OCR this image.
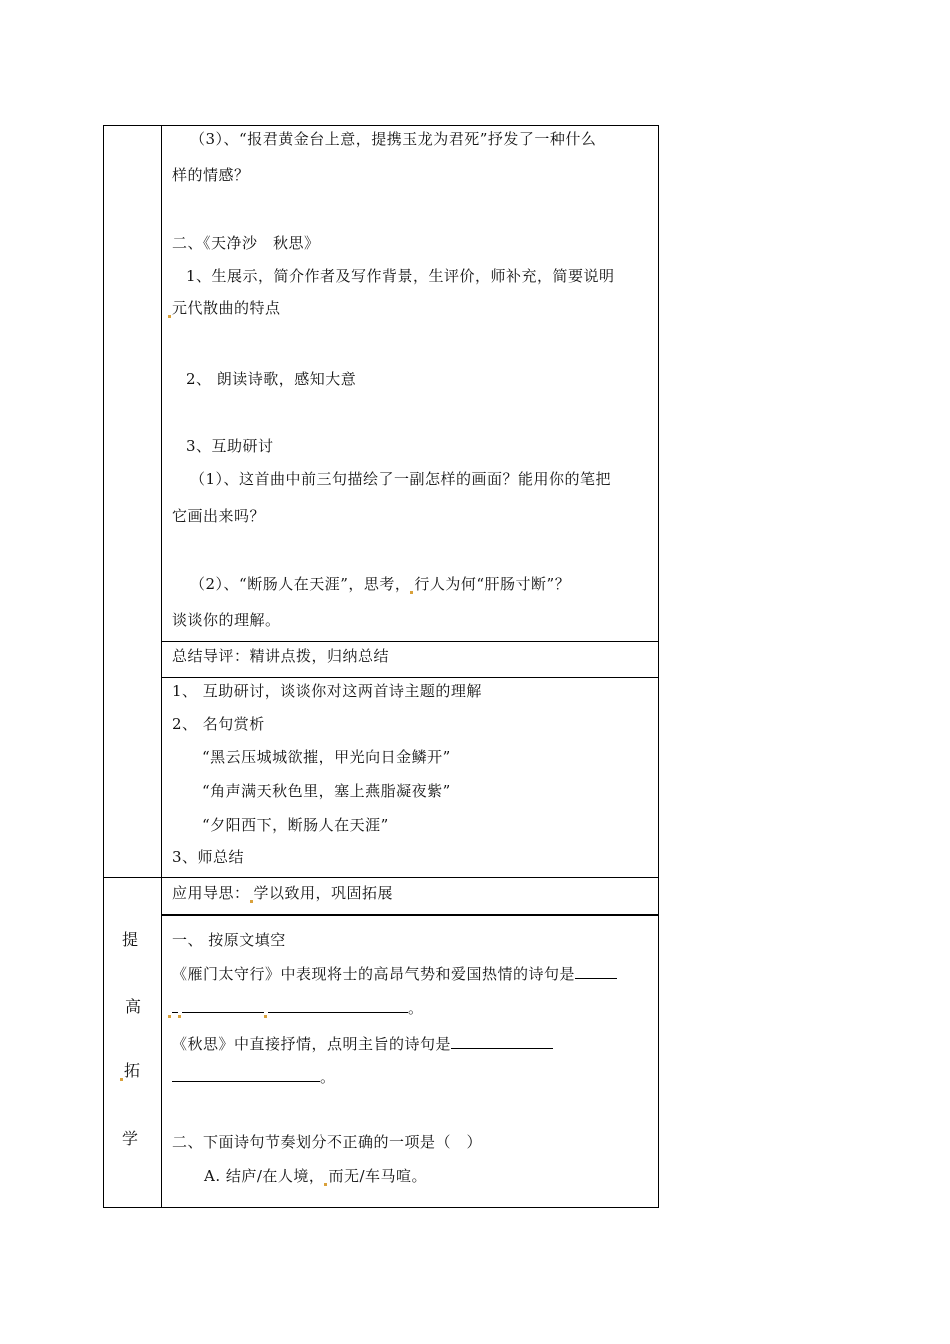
（3）、“报君黄金台上意，提携玉龙为君死”抒发了一种什么
样的情感？
二、《天净沙　秋思》
1、生展示，简介作者及写作背景，生评价，师补充，简要说明
元代散曲的特点
2、 朗读诗歌，感知大意
3、互助研讨
（1）、这首曲中前三句描绘了一副怎样的画面？能用你的笔把
它画出来吗？
（2）、“断肠人在天涯”，思考， 行人为何“肝肠寸断”？
谈谈你的理解。
总结导评：精讲点拨，归纳总结
1、 互助研讨，谈谈你对这两首诗主题的理解
2、 名句赏析
“黑云压城城欲摧，甲光向日金鳞开”
“角声满天秋色里，塞上燕脂凝夜紫”
“夕阳西下，断肠人在天涯”
3、师总结
应用导思： 学以致用，巩固拓展
提
高
拓
学
一、 按原文填空
《雁门太守行》中表现将士的高昂气势和爱国热情的诗句是
。
《秋思》中直接抒情，点明主旨的诗句是
。
二、下面诗句节奏划分不正确的一项是（　）
A. 结庐/在人境， 而无/车马喧。
